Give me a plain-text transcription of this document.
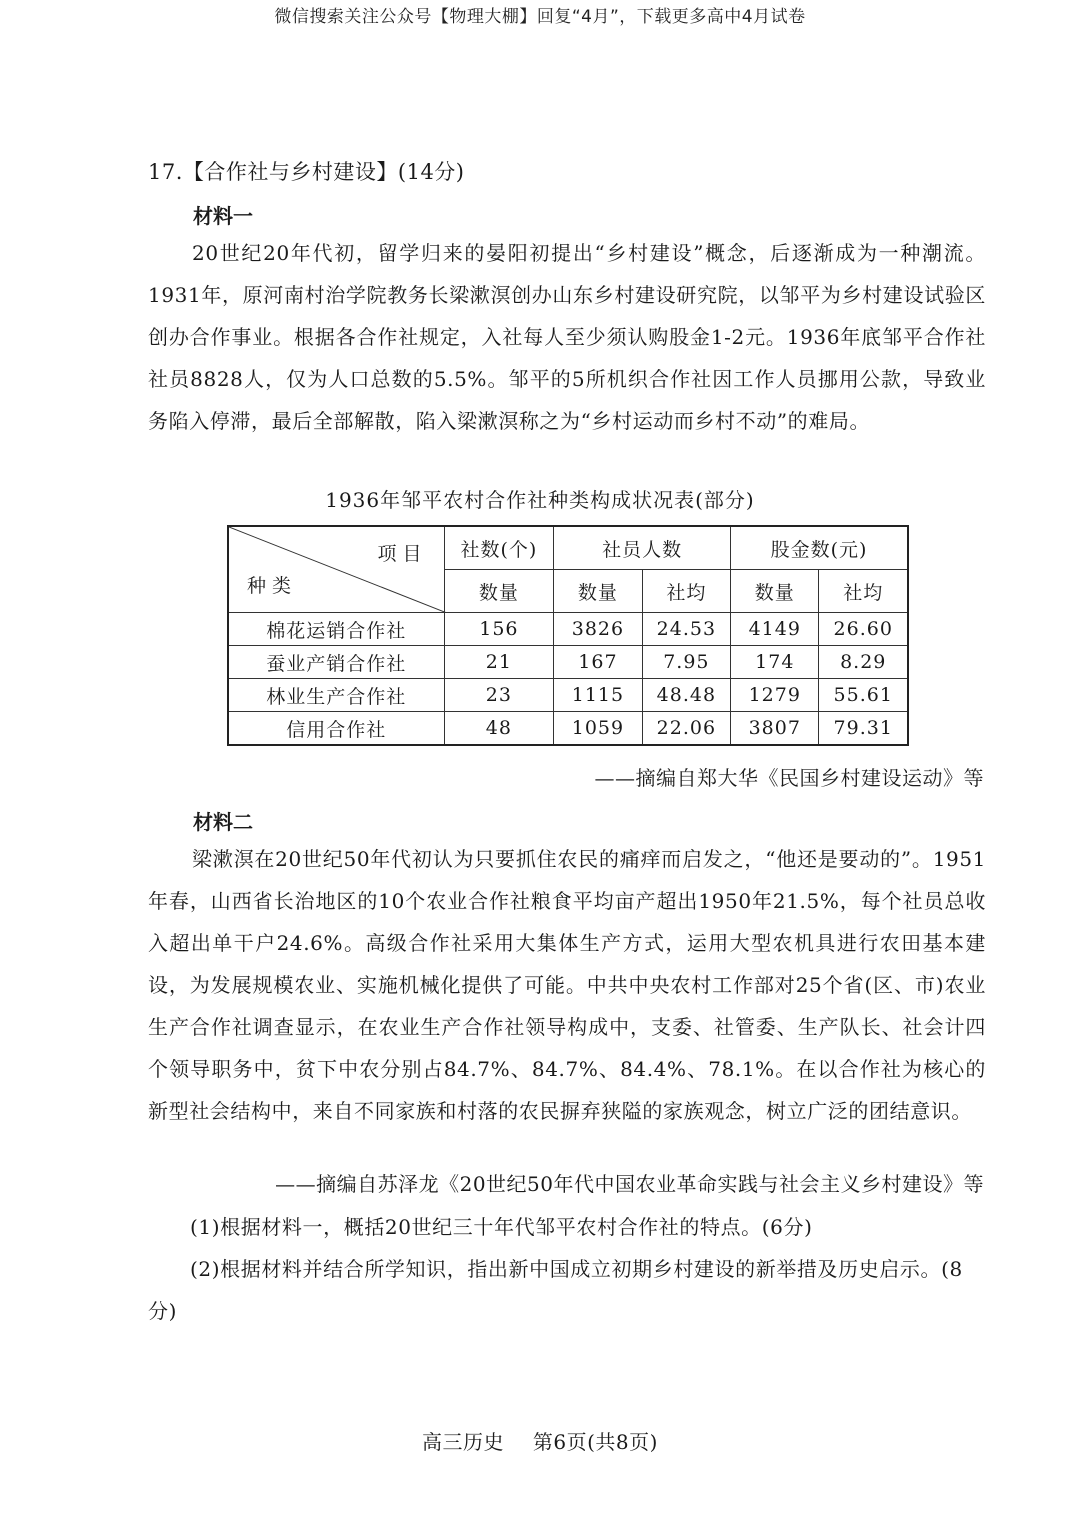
微信搜索关注公众号【物理大棚】回复“4月”，下载更多高中4月试卷
17.【合作社与乡村建设】(14分)
材料一
20世纪20年代初，留学归来的晏阳初提出“乡村建设”概念，后逐渐成为一种潮流。1931年，原河南村治学院教务长梁漱溟创办山东乡村建设研究院，以邹平为乡村建设试验区创办合作事业。根据各合作社规定，入社每人至少须认购股金1-2元。1936年底邹平合作社社员8828人，仅为人口总数的5.5%。邹平的5所机织合作社因工作人员挪用公款，导致业务陷入停滞，最后全部解散，陷入梁漱溟称之为“乡村运动而乡村不动”的难局。
1936年邹平农村合作社种类构成状况表(部分)
项目
种类	社数(个)	社员人数		股金数(元)	
	数量	数量	社均	数量	社均
棉花运销合作社	156	3826	24.53	4149	26.60
蚕业产销合作社	21	167	7.95	174	8.29
林业生产合作社	23	1115	48.48	1279	55.61
信用合作社	48	1059	22.06	3807	79.31
——摘编自郑大华《民国乡村建设运动》等
材料二
梁漱溟在20世纪50年代初认为只要抓住农民的痛痒而启发之，“他还是要动的”。1951年春，山西省长治地区的10个农业合作社粮食平均亩产超出1950年21.5%，每个社员总收入超出单干户24.6%。高级合作社采用大集体生产方式，运用大型农机具进行农田基本建设，为发展规模农业、实施机械化提供了可能。中共中央农村工作部对25个省(区、市)农业生产合作社调查显示，在农业生产合作社领导构成中，支委、社管委、生产队长、社会计四个领导职务中，贫下中农分别占84.7%、84.7%、84.4%、78.1%。在以合作社为核心的新型社会结构中，来自不同家族和村落的农民摒弃狭隘的家族观念，树立广泛的团结意识。
——摘编自苏泽龙《20世纪50年代中国农业革命实践与社会主义乡村建设》等
(1)根据材料一，概括20世纪三十年代邹平农村合作社的特点。(6分)
(2)根据材料并结合所学知识，指出新中国成立初期乡村建设的新举措及历史启示。(8分)
高三历史 第6页(共8页)
